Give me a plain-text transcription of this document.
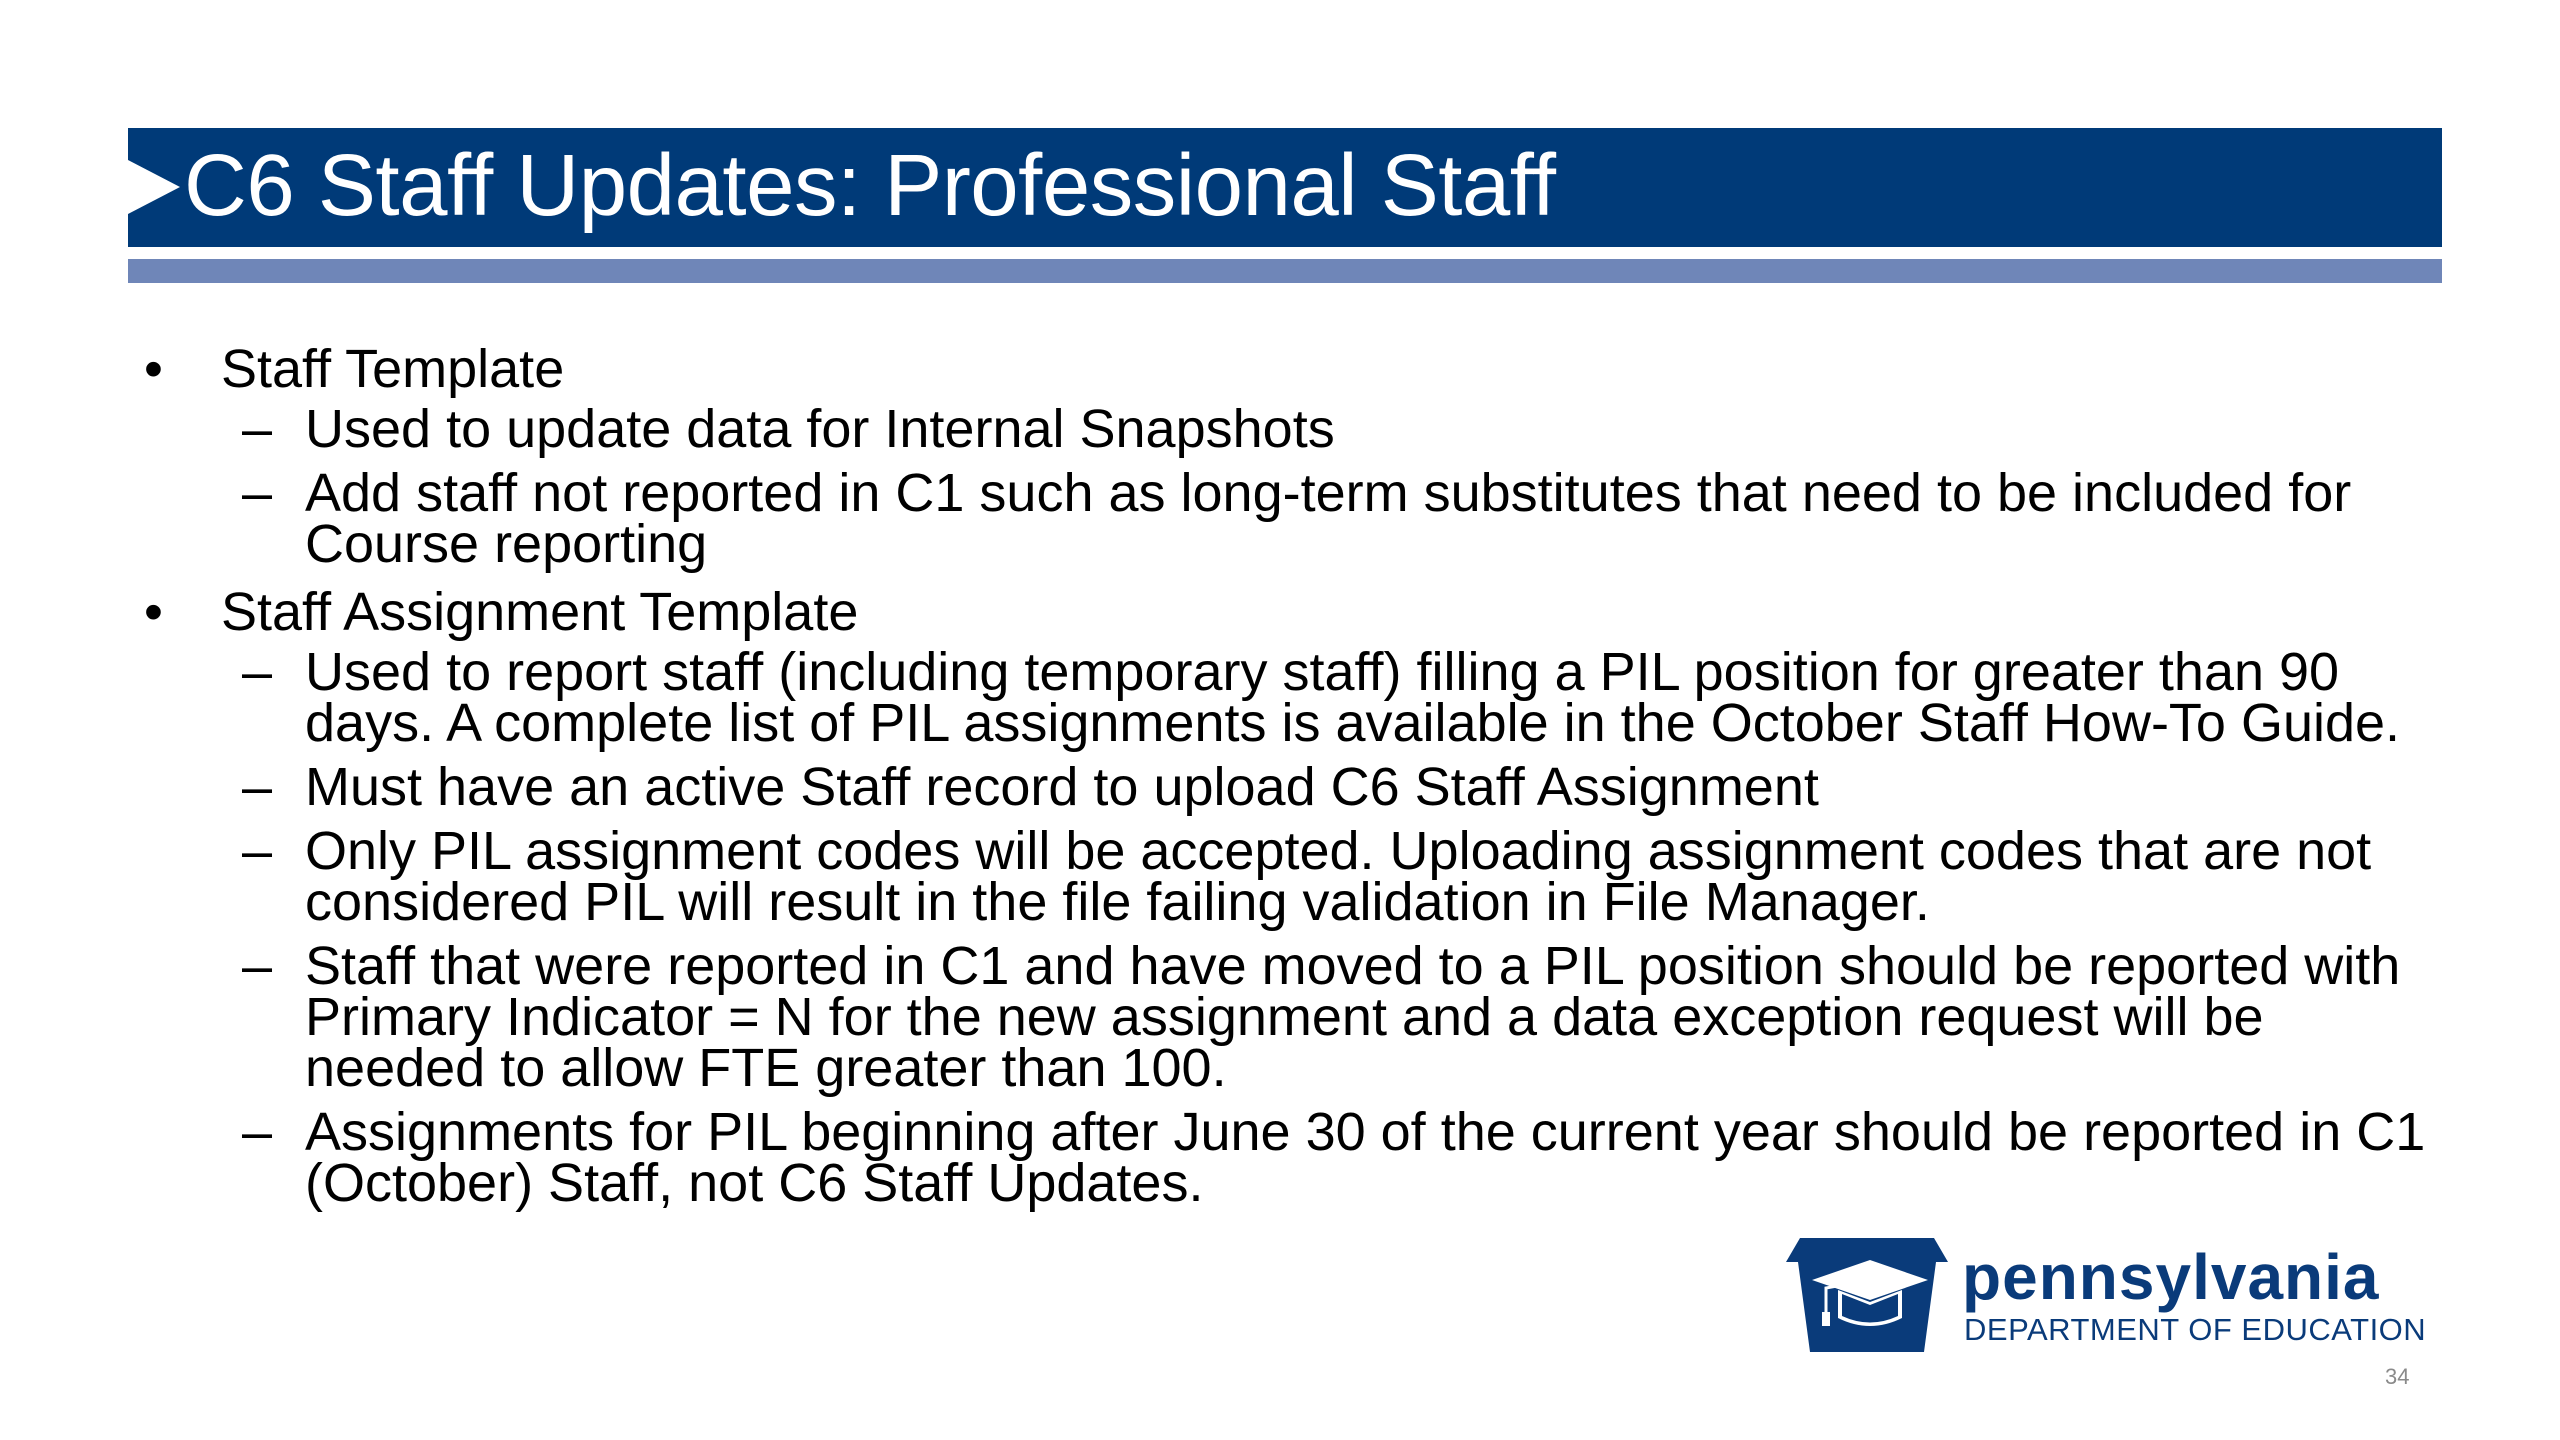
C6 Staff Updates: Professional Staff
•	Staff Template
– Used to update data for Internal Snapshots
– Add staff not reported in C1 such as long-term substitutes that need to be included for Course reporting
•	Staff Assignment Template
– Used to report staff (including temporary staff) filling a PIL position for greater than 90 days. A complete list of PIL assignments is available in the October Staff How-To Guide.
– Must have an active Staff record to upload C6 Staff Assignment
– Only PIL assignment codes will be accepted. Uploading assignment codes that are not considered PIL will result in the file failing validation in File Manager.
– Staff that were reported in C1 and have moved to a PIL position should be reported with Primary Indicator = N for the new assignment and a data exception request will be needed to allow FTE greater than 100.
– Assignments for PIL beginning after June 30 of the current year should be reported in C1 (October) Staff, not C6 Staff Updates.
pennsylvania
DEPARTMENT OF EDUCATION
34
